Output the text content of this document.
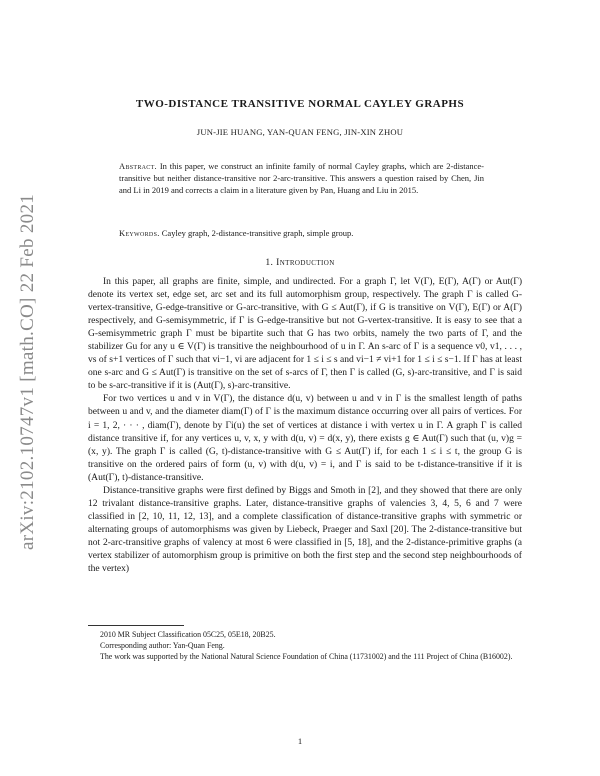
arXiv:2102.10747v1 [math.CO] 22 Feb 2021
TWO-DISTANCE TRANSITIVE NORMAL CAYLEY GRAPHS
JUN-JIE HUANG, YAN-QUAN FENG, JIN-XIN ZHOU
Abstract. In this paper, we construct an infinite family of normal Cayley graphs, which are 2-distance-transitive but neither distance-transitive nor 2-arc-transitive. This answers a question raised by Chen, Jin and Li in 2019 and corrects a claim in a literature given by Pan, Huang and Liu in 2015.
Keywords. Cayley graph, 2-distance-transitive graph, simple group.
1. Introduction

In this paper, all graphs are finite, simple, and undirected. For a graph Γ, let V(Γ), E(Γ), A(Γ) or Aut(Γ) denote its vertex set, edge set, arc set and its full automorphism group, respectively. The graph Γ is called G-vertex-transitive, G-edge-transitive or G-arc-transitive, with G ≤ Aut(Γ), if G is transitive on V(Γ), E(Γ) or A(Γ) respectively, and G-semisymmetric, if Γ is G-edge-transitive but not G-vertex-transitive. It is easy to see that a G-semisymmetric graph Γ must be bipartite such that G has two orbits, namely the two parts of Γ, and the stabilizer Gu for any u ∈ V(Γ) is transitive the neighbourhood of u in Γ. An s-arc of Γ is a sequence v0, v1, . . . , vs of s+1 vertices of Γ such that vi−1, vi are adjacent for 1 ≤ i ≤ s and vi−1 ≠ vi+1 for 1 ≤ i ≤ s−1. If Γ has at least one s-arc and G ≤ Aut(Γ) is transitive on the set of s-arcs of Γ, then Γ is called (G, s)-arc-transitive, and Γ is said to be s-arc-transitive if it is (Aut(Γ), s)-arc-transitive.

For two vertices u and v in V(Γ), the distance d(u, v) between u and v in Γ is the smallest length of paths between u and v, and the diameter diam(Γ) of Γ is the maximum distance occurring over all pairs of vertices. For i = 1, 2, · · · , diam(Γ), denote by Γi(u) the set of vertices at distance i with vertex u in Γ. A graph Γ is called distance transitive if, for any vertices u, v, x, y with d(u, v) = d(x, y), there exists g ∈ Aut(Γ) such that (u, v)g = (x, y). The graph Γ is called (G, t)-distance-transitive with G ≤ Aut(Γ) if, for each 1 ≤ i ≤ t, the group G is transitive on the ordered pairs of form (u, v) with d(u, v) = i, and Γ is said to be t-distance-transitive if it is (Aut(Γ), t)-distance-transitive.

Distance-transitive graphs were first defined by Biggs and Smoth in [2], and they showed that there are only 12 trivalant distance-transitive graphs. Later, distance-transitive graphs of valencies 3, 4, 5, 6 and 7 were classified in [2, 10, 11, 12, 13], and a complete classification of distance-transitive graphs with symmetric or alternating groups of automorphisms was given by Liebeck, Praeger and Saxl [20]. The 2-distance-transitive but not 2-arc-transitive graphs of valency at most 6 were classified in [5, 18], and the 2-distance-primitive graphs (a vertex stabilizer of automorphism group is primitive on both the first step and the second step neighbourhoods of the vertex)

2010 MR Subject Classification 05C25, 05E18, 20B25.
Corresponding author: Yan-Quan Feng.
The work was supported by the National Natural Science Foundation of China (11731002) and the 111 Project of China (B16002).
1
